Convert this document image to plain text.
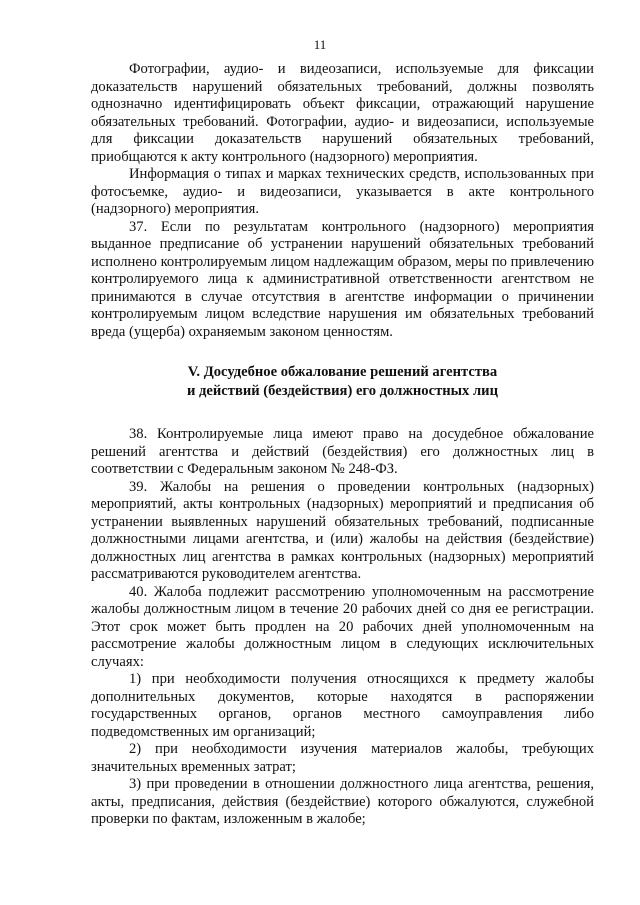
11

Фотографии, аудио- и видеозаписи, используемые для фиксации доказательств нарушений обязательных требований, должны позволять однозначно идентифицировать объект фиксации, отражающий нарушение обязательных требований. Фотографии, аудио- и видеозаписи, используемые для фиксации доказательств нарушений обязательных требований, приобщаются к акту контрольного (надзорного) мероприятия.

Информация о типах и марках технических средств, использованных при фотосъемке, аудио- и видеозаписи, указывается в акте контрольного (надзорного) мероприятия.

37. Если по результатам контрольного (надзорного) мероприятия выданное предписание об устранении нарушений обязательных требований исполнено контролируемым лицом надлежащим образом, меры по привлечению контролируемого лица к административной ответственности агентством не принимаются в случае отсутствия в агентстве информации о причинении контролируемым лицом вследствие нарушения им обязательных требований вреда (ущерба) охраняемым законом ценностям.

V. Досудебное обжалование решений агентства
и действий (бездействия) его должностных лиц

38. Контролируемые лица имеют право на досудебное обжалование решений агентства и действий (бездействия) его должностных лиц в соответствии с Федеральным законом № 248-ФЗ.

39. Жалобы на решения о проведении контрольных (надзорных) мероприятий, акты контрольных (надзорных) мероприятий и предписания об устранении выявленных нарушений обязательных требований, подписанные должностными лицами агентства, и (или) жалобы на действия (бездействие) должностных лиц агентства в рамках контрольных (надзорных) мероприятий рассматриваются руководителем агентства.

40. Жалоба подлежит рассмотрению уполномоченным на рассмотрение жалобы должностным лицом в течение 20 рабочих дней со дня ее регистрации. Этот срок может быть продлен на 20 рабочих дней уполномоченным на рассмотрение жалобы должностным лицом в следующих исключительных случаях:

1) при необходимости получения относящихся к предмету жалобы дополнительных документов, которые находятся в распоряжении государственных органов, органов местного самоуправления либо подведомственных им организаций;

2) при необходимости изучения материалов жалобы, требующих значительных временных затрат;

3) при проведении в отношении должностного лица агентства, решения, акты, предписания, действия (бездействие) которого обжалуются, служебной проверки по фактам, изложенным в жалобе;
